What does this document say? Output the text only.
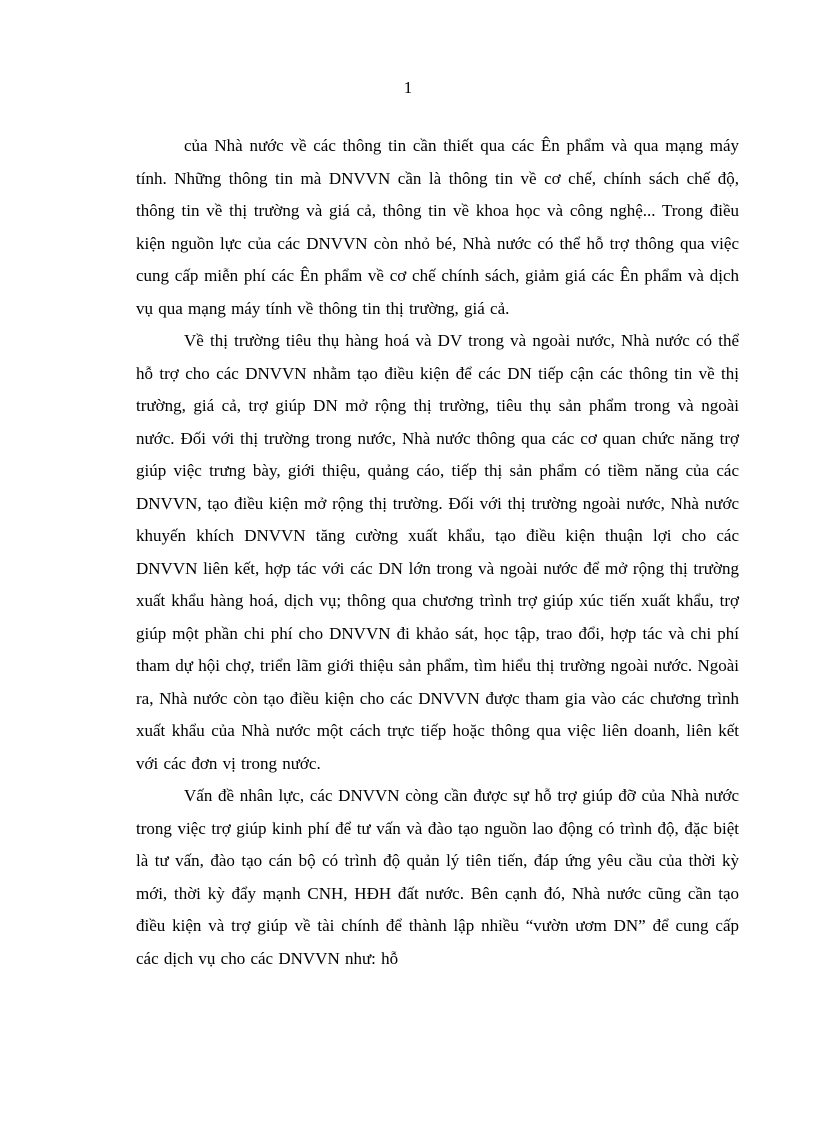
1

của Nhà nước về các thông tin cần thiết qua các Ên phẩm và qua mạng máy tính. Những thông tin mà DNVVN cần là thông tin về cơ chế, chính sách chế độ, thông tin về thị trường và giá cả, thông tin về khoa học và công nghệ... Trong điều kiện nguồn lực của các DNVVN còn nhỏ bé, Nhà nước có thể hỗ trợ thông qua việc cung cấp miễn phí các Ên phẩm về cơ chế chính sách, giảm giá các Ên phẩm và dịch vụ qua mạng máy tính về thông tin thị trường, giá cả.

Về thị trường tiêu thụ hàng hoá và DV trong và ngoài nước, Nhà nước có thể hỗ trợ cho các DNVVN nhằm tạo điều kiện để các DN tiếp cận các thông tin về thị trường, giá cả, trợ giúp DN mở rộng thị trường, tiêu thụ sản phẩm trong và ngoài nước. Đối với thị trường trong nước, Nhà nước thông qua các cơ quan chức năng trợ giúp việc trưng bày, giới thiệu, quảng cáo, tiếp thị sản phẩm có tiềm năng của các DNVVN, tạo điều kiện mở rộng thị trường. Đối với thị trường ngoài nước, Nhà nước khuyến khích DNVVN tăng cường xuất khẩu, tạo điều kiện thuận lợi cho các DNVVN liên kết, hợp tác với các DN lớn trong và ngoài nước để mở rộng thị trường xuất khẩu hàng hoá, dịch vụ; thông qua chương trình trợ giúp xúc tiến xuất khẩu, trợ giúp một phần chi phí cho DNVVN đi khảo sát, học tập, trao đổi, hợp tác và chi phí tham dự hội chợ, triển lãm giới thiệu sản phẩm, tìm hiểu thị trường ngoài nước. Ngoài ra, Nhà nước còn tạo điều kiện cho các DNVVN được tham gia vào các chương trình xuất khẩu của Nhà nước một cách trực tiếp hoặc thông qua việc liên doanh, liên kết với các đơn vị trong nước.

Vấn đề nhân lực, các DNVVN còng cần được sự hỗ trợ giúp đỡ của Nhà nước trong việc trợ giúp kinh phí để tư vấn và đào tạo nguồn lao động có trình độ, đặc biệt là tư vấn, đào tạo cán bộ có trình độ quản lý tiên tiến, đáp ứng yêu cầu của thời kỳ mới, thời kỳ đẩy mạnh CNH, HĐH đất nước. Bên cạnh đó, Nhà nước cũng cần tạo điều kiện và trợ giúp về tài chính để thành lập nhiều “vườn ươm DN” để cung cấp các dịch vụ cho các DNVVN như: hỗ
